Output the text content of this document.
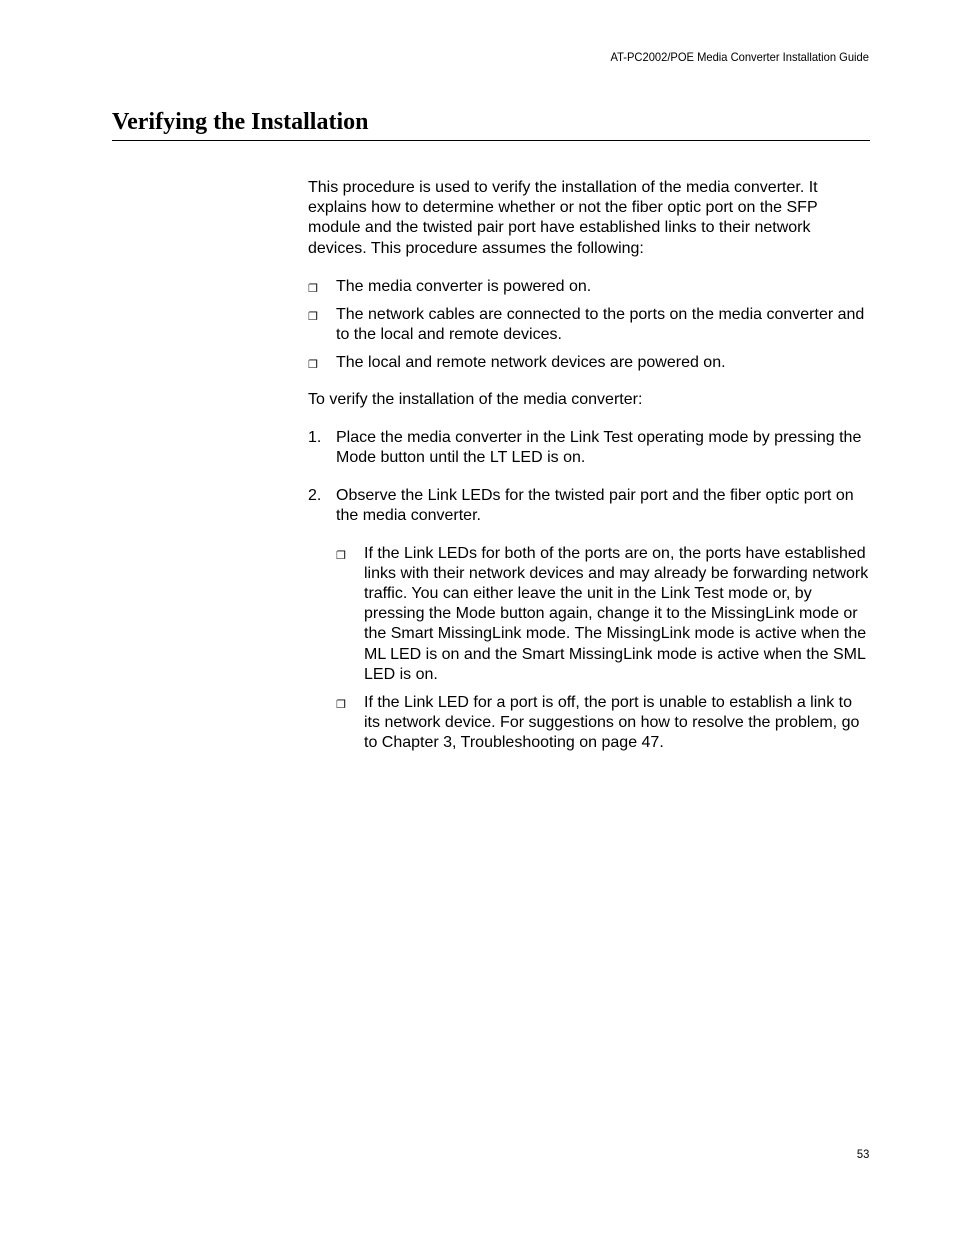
AT-PC2002/POE Media Converter Installation Guide
Verifying the Installation

This procedure is used to verify the installation of the media converter. It explains how to determine whether or not the fiber optic port on the SFP module and the twisted pair port have established links to their network devices. This procedure assumes the following:

❐ The media converter is powered on.
❐ The network cables are connected to the ports on the media converter and to the local and remote devices.
❐ The local and remote network devices are powered on.

To verify the installation of the media converter:

1. Place the media converter in the Link Test operating mode by pressing the Mode button until the LT LED is on.
2. Observe the Link LEDs for the twisted pair port and the fiber optic port on the media converter.
❐ If the Link LEDs for both of the ports are on, the ports have established links with their network devices and may already be forwarding network traffic. You can either leave the unit in the Link Test mode or, by pressing the Mode button again, change it to the MissingLink mode or the Smart MissingLink mode. The MissingLink mode is active when the ML LED is on and the Smart MissingLink mode is active when the SML LED is on.
❐ If the Link LED for a port is off, the port is unable to establish a link to its network device. For suggestions on how to resolve the problem, go to Chapter 3, Troubleshooting on page 47.
53
